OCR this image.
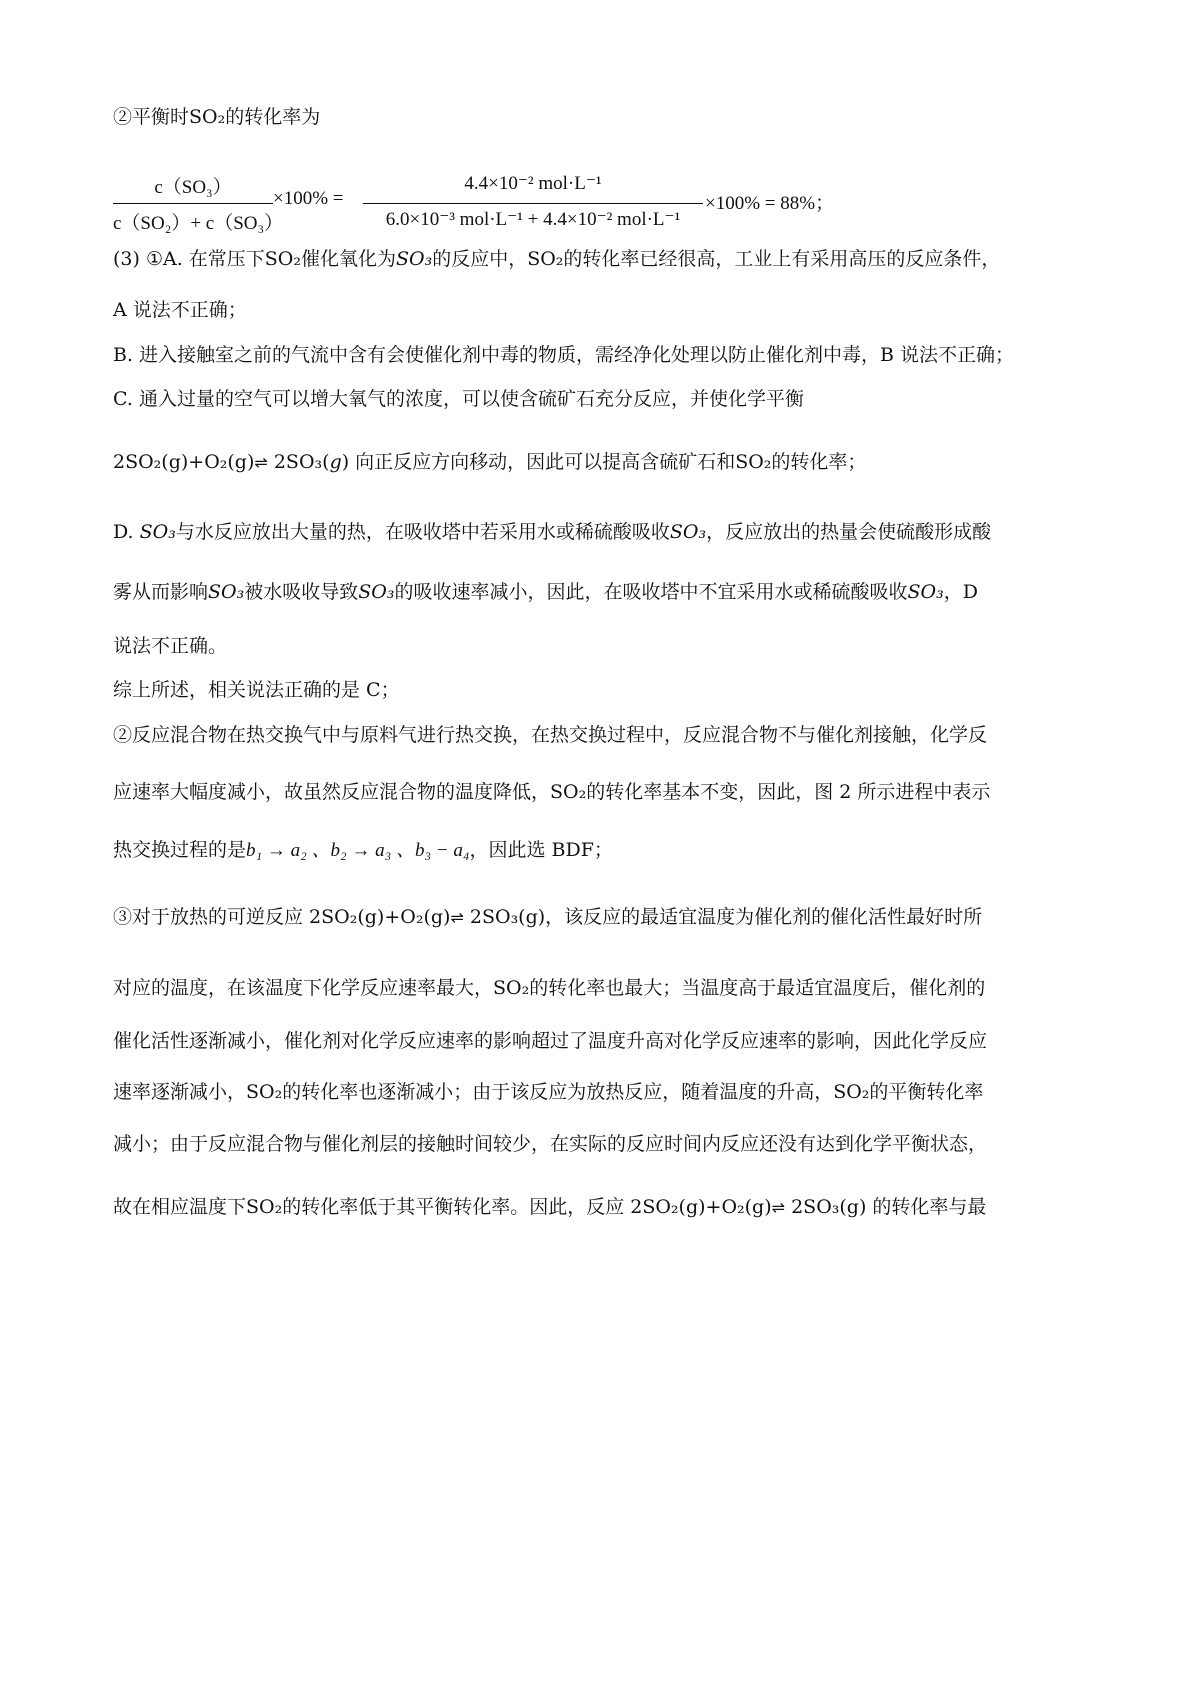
②平衡时SO₂的转化率为
c（SO₃）
c（SO₂）+ c（SO₃）
×100% =
4.4×10⁻² mol·L⁻¹
6.0×10⁻³ mol·L⁻¹ + 4.4×10⁻² mol·L⁻¹
×100% = 88%；
(3) ①A. 在常压下SO₂催化氧化为SO₃的反应中，SO₂的转化率已经很高，工业上有采用高压的反应条件，
A 说法不正确；
B. 进入接触室之前的气流中含有会使催化剂中毒的物质，需经净化处理以防止催化剂中毒，B 说法不正确；
C. 通入过量的空气可以增大氧气的浓度，可以使含硫矿石充分反应，并使化学平衡
2SO₂(g)+O₂(g)⇌ 2SO₃(g) 向正反应方向移动，因此可以提高含硫矿石和SO₂的转化率；
D. SO₃与水反应放出大量的热，在吸收塔中若采用水或稀硫酸吸收SO₃，反应放出的热量会使硫酸形成酸
雾从而影响SO₃被水吸收导致SO₃的吸收速率减小，因此，在吸收塔中不宜采用水或稀硫酸吸收SO₃，D
说法不正确。
综上所述，相关说法正确的是 C；
②反应混合物在热交换气中与原料气进行热交换，在热交换过程中，反应混合物不与催化剂接触，化学反
应速率大幅度减小，故虽然反应混合物的温度降低，SO₂的转化率基本不变，因此，图 2 所示进程中表示
热交换过程的是b₁ → a₂ 、b₂ → a₃ 、b₃ − a₄，因此选 BDF；
③对于放热的可逆反应 2SO₂(g)+O₂(g)⇌ 2SO₃(g)，该反应的最适宜温度为催化剂的催化活性最好时所
对应的温度，在该温度下化学反应速率最大，SO₂的转化率也最大；当温度高于最适宜温度后，催化剂的
催化活性逐渐减小，催化剂对化学反应速率的影响超过了温度升高对化学反应速率的影响，因此化学反应
速率逐渐减小，SO₂的转化率也逐渐减小；由于该反应为放热反应，随着温度的升高，SO₂的平衡转化率
减小；由于反应混合物与催化剂层的接触时间较少，在实际的反应时间内反应还没有达到化学平衡状态，
故在相应温度下SO₂的转化率低于其平衡转化率。因此，反应 2SO₂(g)+O₂(g)⇌ 2SO₃(g) 的转化率与最
